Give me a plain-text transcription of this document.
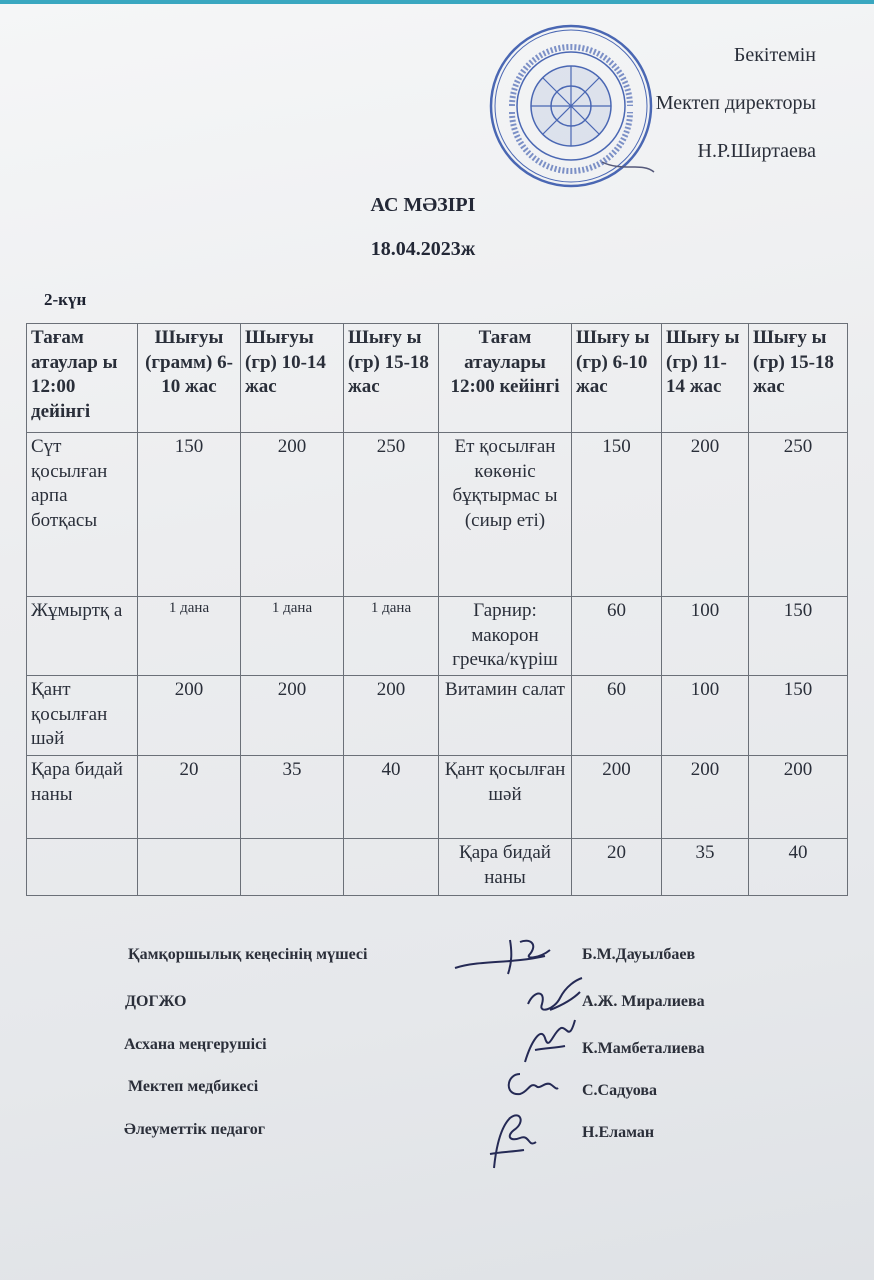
Бекітемін
Мектеп директоры
Н.Р.Ширтаева
АС МӘЗІРІ
18.04.2023ж
2-күн
Тағам атаулар ы 12:00 дейінгі	Шығуы (грамм) 6-10 жас	Шығуы (гр) 10-14 жас	Шығу ы (гр) 15-18 жас	Тағам атаулары 12:00 кейінгі	Шығу ы (гр) 6-10 жас	Шығу ы (гр) 11-14 жас	Шығу ы (гр) 15-18 жас
Сүт қосылған арпа ботқасы	150	200	250	Ет қосылған көкөніс бұқтырмас ы (сиыр еті)	150	200	250
Жұмыртқ а	1 дана	1 дана	1 дана	Гарнир: макорон гречка/күріш	60	100	150
Қант қосылған шәй	200	200	200	Витамин салат	60	100	150
Қара бидай наны	20	35	40	Қант қосылған шәй	200	200	200
				Қара бидай наны	20	35	40
Қамқоршылық кеңесінің мүшесі	Б.М.Дауылбаев
ДОГЖО	А.Ж. Миралиева
Асхана меңгерушісі	К.Мамбеталиева
Мектеп медбикесі	С.Садуова
Әлеуметтік педагог	Н.Еламан
